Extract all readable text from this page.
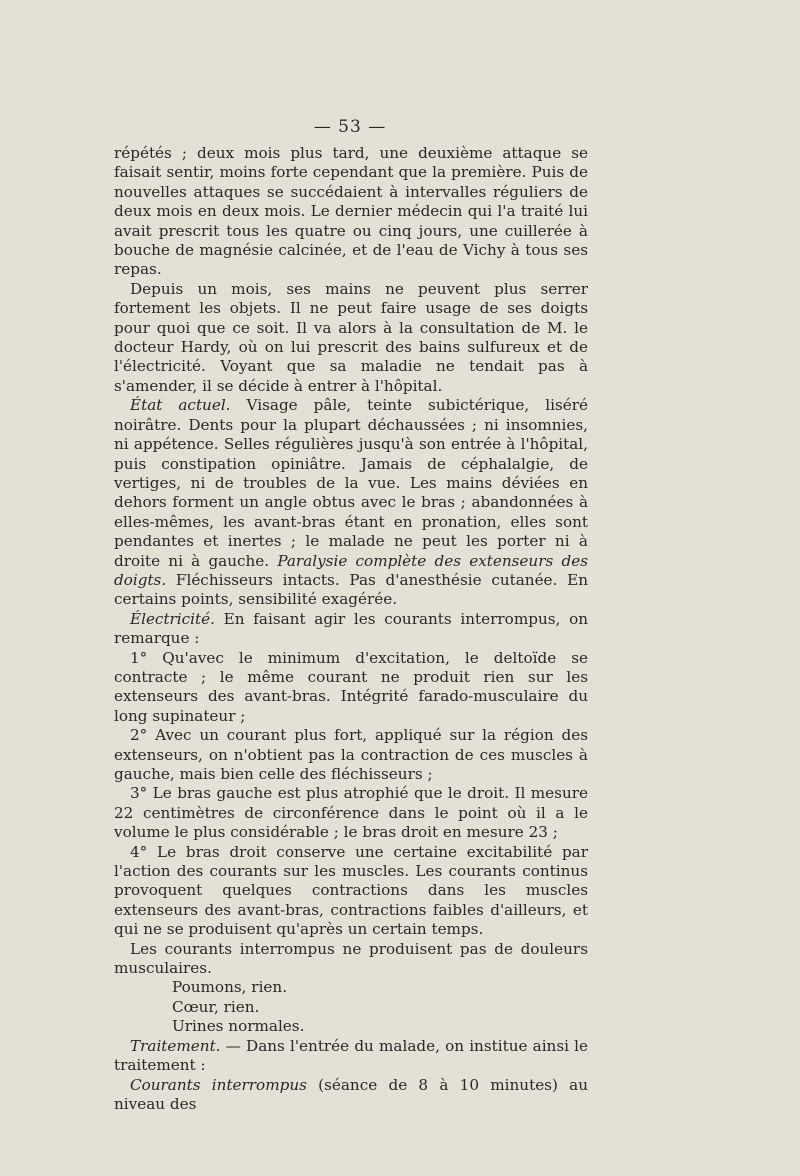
— 53 —

répétés ; deux mois plus tard, une deuxième attaque se faisait sentir, moins forte cependant que la première. Puis de nouvelles attaques se succédaient à intervalles réguliers de deux mois en deux mois. Le dernier médecin qui l'a traité lui avait prescrit tous les quatre ou cinq jours, une cuillerée à bouche de magnésie calcinée, et de l'eau de Vichy à tous ses repas.

Depuis un mois, ses mains ne peuvent plus serrer fortement les objets. Il ne peut faire usage de ses doigts pour quoi que ce soit. Il va alors à la consultation de M. le docteur Hardy, où on lui prescrit des bains sulfureux et de l'électricité. Voyant que sa maladie ne tendait pas à s'amender, il se décide à entrer à l'hôpital.

État actuel. Visage pâle, teinte subictérique, liséré noirâtre. Dents pour la plupart déchaussées ; ni insomnies, ni appétence. Selles régulières jusqu'à son entrée à l'hôpital, puis constipation opiniâtre. Jamais de céphalalgie, de vertiges, ni de troubles de la vue. Les mains déviées en dehors forment un angle obtus avec le bras ; abandonnées à elles-mêmes, les avant-bras étant en pronation, elles sont pendantes et inertes ; le malade ne peut les porter ni à droite ni à gauche. Paralysie complète des extenseurs des doigts. Fléchisseurs intacts. Pas d'anesthésie cutanée. En certains points, sensibilité exagérée.

Électricité. En faisant agir les courants interrompus, on remarque :

1° Qu'avec le minimum d'excitation, le deltoïde se contracte ; le même courant ne produit rien sur les extenseurs des avant-bras. Intégrité farado-musculaire du long supinateur ;

2° Avec un courant plus fort, appliqué sur la région des extenseurs, on n'obtient pas la contraction de ces muscles à gauche, mais bien celle des fléchisseurs ;

3° Le bras gauche est plus atrophié que le droit. Il mesure 22 centimètres de circonférence dans le point où il a le volume le plus considérable ; le bras droit en mesure 23 ;

4° Le bras droit conserve une certaine excitabilité par l'action des courants sur les muscles. Les courants continus provoquent quelques contractions dans les muscles extenseurs des avant-bras, contractions faibles d'ailleurs, et qui ne se produisent qu'après un certain temps.

Les courants interrompus ne produisent pas de douleurs musculaires.

Poumons, rien.

Cœur, rien.

Urines normales.

Traitement. — Dans l'entrée du malade, on institue ainsi le traitement :

Courants interrompus (séance de 8 à 10 minutes) au niveau des
